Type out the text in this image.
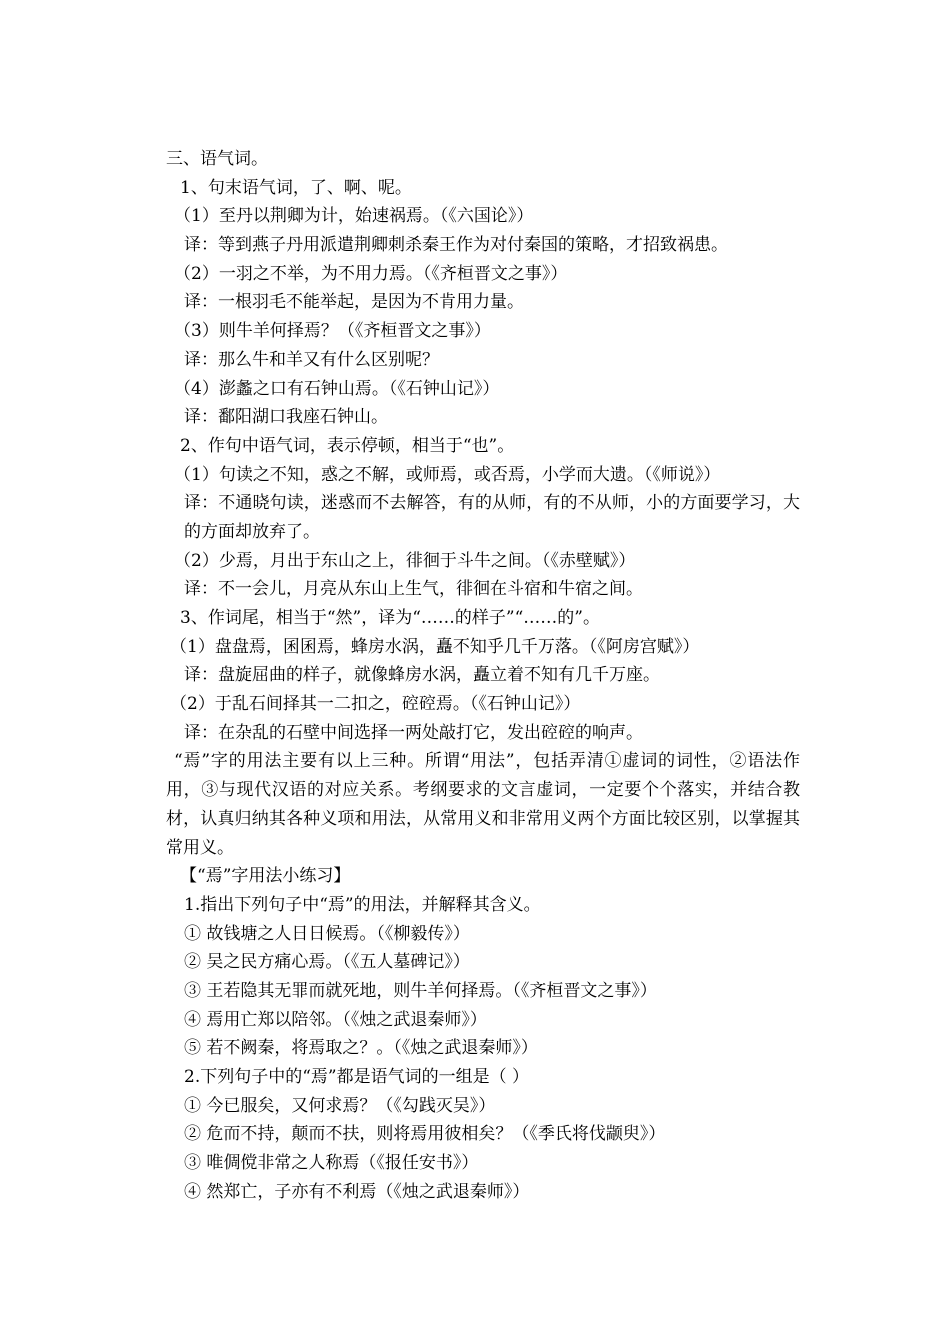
三、语气词。
1、句末语气词，了、啊、呢。
（1）至丹以荆卿为计，始速祸焉。（《六国论》）
译：等到燕子丹用派遣荆卿刺杀秦王作为对付秦国的策略，才招致祸患。
（2）一羽之不举，为不用力焉。（《齐桓晋文之事》）
译：一根羽毛不能举起，是因为不肯用力量。
（3）则牛羊何择焉？（《齐桓晋文之事》）
译：那么牛和羊又有什么区别呢？
（4）澎蠡之口有石钟山焉。（《石钟山记》）
译：鄱阳湖口我座石钟山。
2、作句中语气词，表示停顿，相当于“也”。
（1）句读之不知，惑之不解，或师焉，或否焉，小学而大遗。（《师说》）
译：不通晓句读，迷惑而不去解答，有的从师，有的不从师，小的方面要学习，大的方面却放弃了。
（2）少焉，月出于东山之上，徘徊于斗牛之间。（《赤壁赋》）
译：不一会儿，月亮从东山上生气，徘徊在斗宿和牛宿之间。
3、作词尾，相当于“然”，译为“……的样子”“……的”。
（1）盘盘焉，囷囷焉，蜂房水涡，矗不知乎几千万落。（《阿房宫赋》）
译：盘旋屈曲的样子，就像蜂房水涡，矗立着不知有几千万座。
（2）于乱石间择其一二扣之，硿硿焉。（《石钟山记》）
译：在杂乱的石壁中间选择一两处敲打它，发出硿硿的响声。
“焉”字的用法主要有以上三种。所谓“用法”，包括弄清①虚词的词性，②语法作用，③与现代汉语的对应关系。考纲要求的文言虚词，一定要个个落实，并结合教材，认真归纳其各种义项和用法，从常用义和非常用义两个方面比较区别，以掌握其常用义。
【“焉”字用法小练习】
1.指出下列句子中“焉”的用法，并解释其含义。
① 故钱塘之人日日候焉。（《柳毅传》）
② 吴之民方痛心焉。（《五人墓碑记》）
③ 王若隐其无罪而就死地，则牛羊何择焉。（《齐桓晋文之事》）
④ 焉用亡郑以陪邻。（《烛之武退秦师》）
⑤ 若不阙秦，将焉取之？。（《烛之武退秦师》）
2.下列句子中的“焉”都是语气词的一组是（ ）
① 今已服矣，又何求焉？（《勾践灭吴》）
② 危而不持，颠而不扶，则将焉用彼相矣？（《季氏将伐颛臾》）
③ 唯倜傥非常之人称焉（《报任安书》）
④ 然郑亡，子亦有不利焉（《烛之武退秦师》）
